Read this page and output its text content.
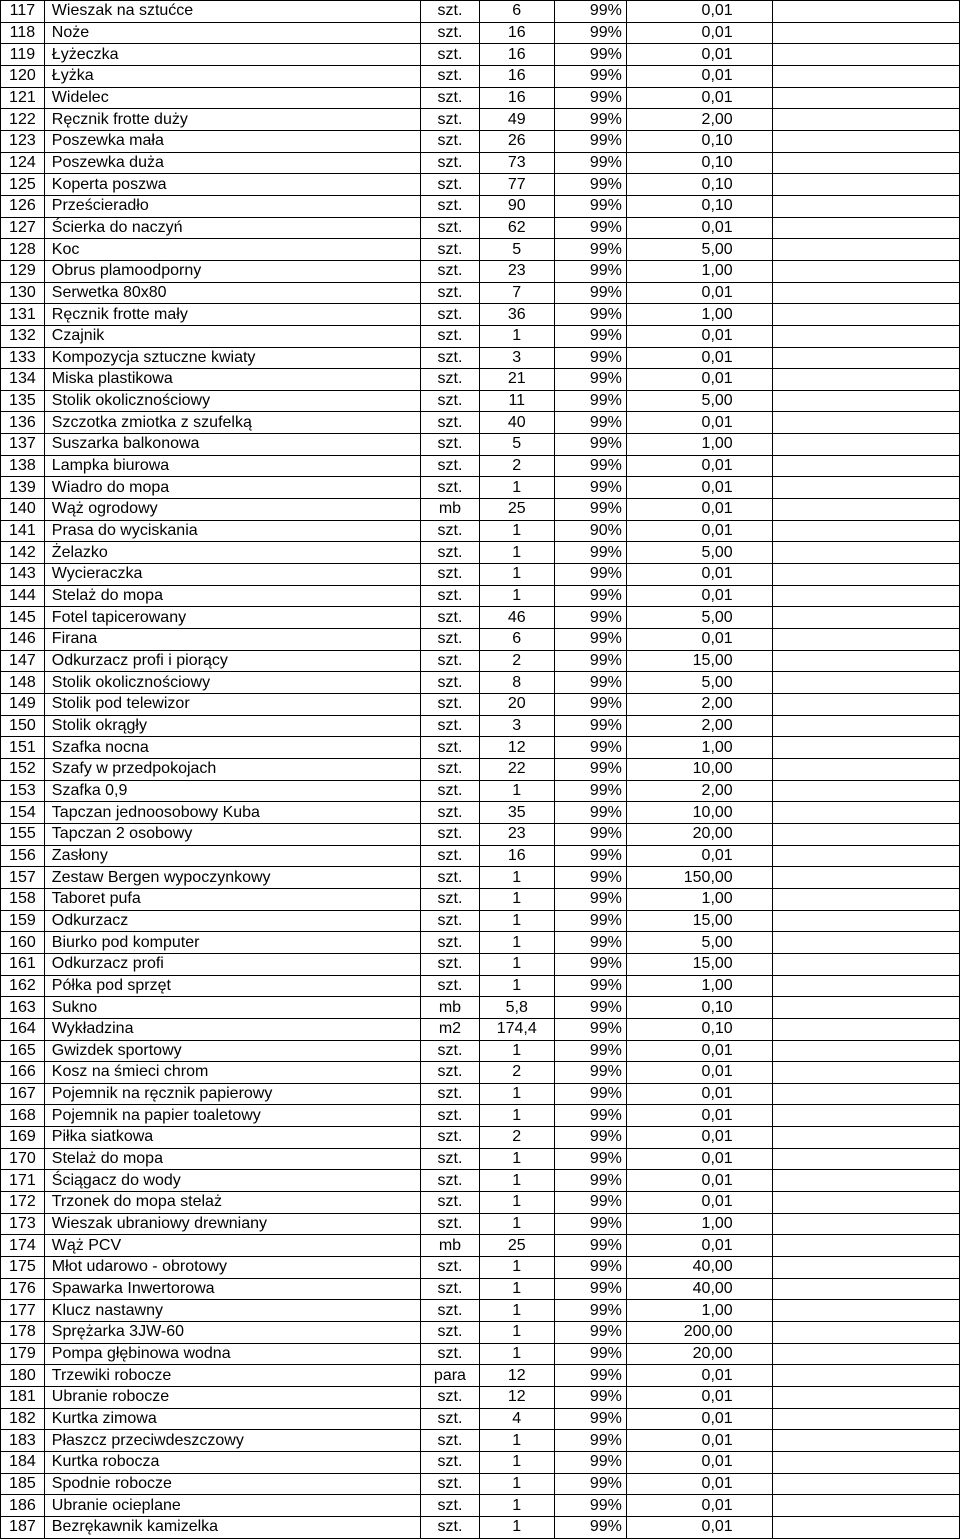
117	Wieszak na sztućce	szt.	6	99%	0,01	
118	Noże	szt.	16	99%	0,01	
119	Łyżeczka	szt.	16	99%	0,01	
120	Łyżka	szt.	16	99%	0,01	
121	Widelec	szt.	16	99%	0,01	
122	Ręcznik frotte duży	szt.	49	99%	2,00	
123	Poszewka mała	szt.	26	99%	0,10	
124	Poszewka duża	szt.	73	99%	0,10	
125	Koperta poszwa	szt.	77	99%	0,10	
126	Prześcieradło	szt.	90	99%	0,10	
127	Ścierka do naczyń	szt.	62	99%	0,01	
128	Koc	szt.	5	99%	5,00	
129	Obrus plamoodporny	szt.	23	99%	1,00	
130	Serwetka 80x80	szt.	7	99%	0,01	
131	Ręcznik frotte mały	szt.	36	99%	1,00	
132	Czajnik	szt.	1	99%	0,01	
133	Kompozycja sztuczne kwiaty	szt.	3	99%	0,01	
134	Miska plastikowa	szt.	21	99%	0,01	
135	Stolik okolicznościowy	szt.	11	99%	5,00	
136	Szczotka zmiotka z szufelką	szt.	40	99%	0,01	
137	Suszarka balkonowa	szt.	5	99%	1,00	
138	Lampka biurowa	szt.	2	99%	0,01	
139	Wiadro do mopa	szt.	1	99%	0,01	
140	Wąż ogrodowy	mb	25	99%	0,01	
141	Prasa do wyciskania	szt.	1	90%	0,01	
142	Żelazko	szt.	1	99%	5,00	
143	Wycieraczka	szt.	1	99%	0,01	
144	Stelaż do mopa	szt.	1	99%	0,01	
145	Fotel tapicerowany	szt.	46	99%	5,00	
146	Firana	szt.	6	99%	0,01	
147	Odkurzacz profi i piorący	szt.	2	99%	15,00	
148	Stolik okolicznościowy	szt.	8	99%	5,00	
149	Stolik pod telewizor	szt.	20	99%	2,00	
150	Stolik okrągły	szt.	3	99%	2,00	
151	Szafka nocna	szt.	12	99%	1,00	
152	Szafy w przedpokojach	szt.	22	99%	10,00	
153	Szafka 0,9	szt.	1	99%	2,00	
154	Tapczan jednoosobowy Kuba	szt.	35	99%	10,00	
155	Tapczan 2 osobowy	szt.	23	99%	20,00	
156	Zasłony	szt.	16	99%	0,01	
157	Zestaw Bergen wypoczynkowy	szt.	1	99%	150,00	
158	Taboret pufa	szt.	1	99%	1,00	
159	Odkurzacz	szt.	1	99%	15,00	
160	Biurko pod komputer	szt.	1	99%	5,00	
161	Odkurzacz profi	szt.	1	99%	15,00	
162	Półka pod sprzęt	szt.	1	99%	1,00	
163	Sukno	mb	5,8	99%	0,10	
164	Wykładzina	m2	174,4	99%	0,10	
165	Gwizdek sportowy	szt.	1	99%	0,01	
166	Kosz na śmieci chrom	szt.	2	99%	0,01	
167	Pojemnik na ręcznik papierowy	szt.	1	99%	0,01	
168	Pojemnik na papier toaletowy	szt.	1	99%	0,01	
169	Piłka siatkowa	szt.	2	99%	0,01	
170	Stelaż do mopa	szt.	1	99%	0,01	
171	Ściągacz do wody	szt.	1	99%	0,01	
172	Trzonek do mopa stelaż	szt.	1	99%	0,01	
173	Wieszak ubraniowy drewniany	szt.	1	99%	1,00	
174	Wąż PCV	mb	25	99%	0,01	
175	Młot udarowo - obrotowy	szt.	1	99%	40,00	
176	Spawarka Inwertorowa	szt.	1	99%	40,00	
177	Klucz nastawny	szt.	1	99%	1,00	
178	Sprężarka 3JW-60	szt.	1	99%	200,00	
179	Pompa głębinowa wodna	szt.	1	99%	20,00	
180	Trzewiki robocze	para	12	99%	0,01	
181	Ubranie robocze	szt.	12	99%	0,01	
182	Kurtka zimowa	szt.	4	99%	0,01	
183	Płaszcz przeciwdeszczowy	szt.	1	99%	0,01	
184	Kurtka robocza	szt.	1	99%	0,01	
185	Spodnie robocze	szt.	1	99%	0,01	
186	Ubranie ocieplane	szt.	1	99%	0,01	
187	Bezrękawnik kamizelka	szt.	1	99%	0,01	
